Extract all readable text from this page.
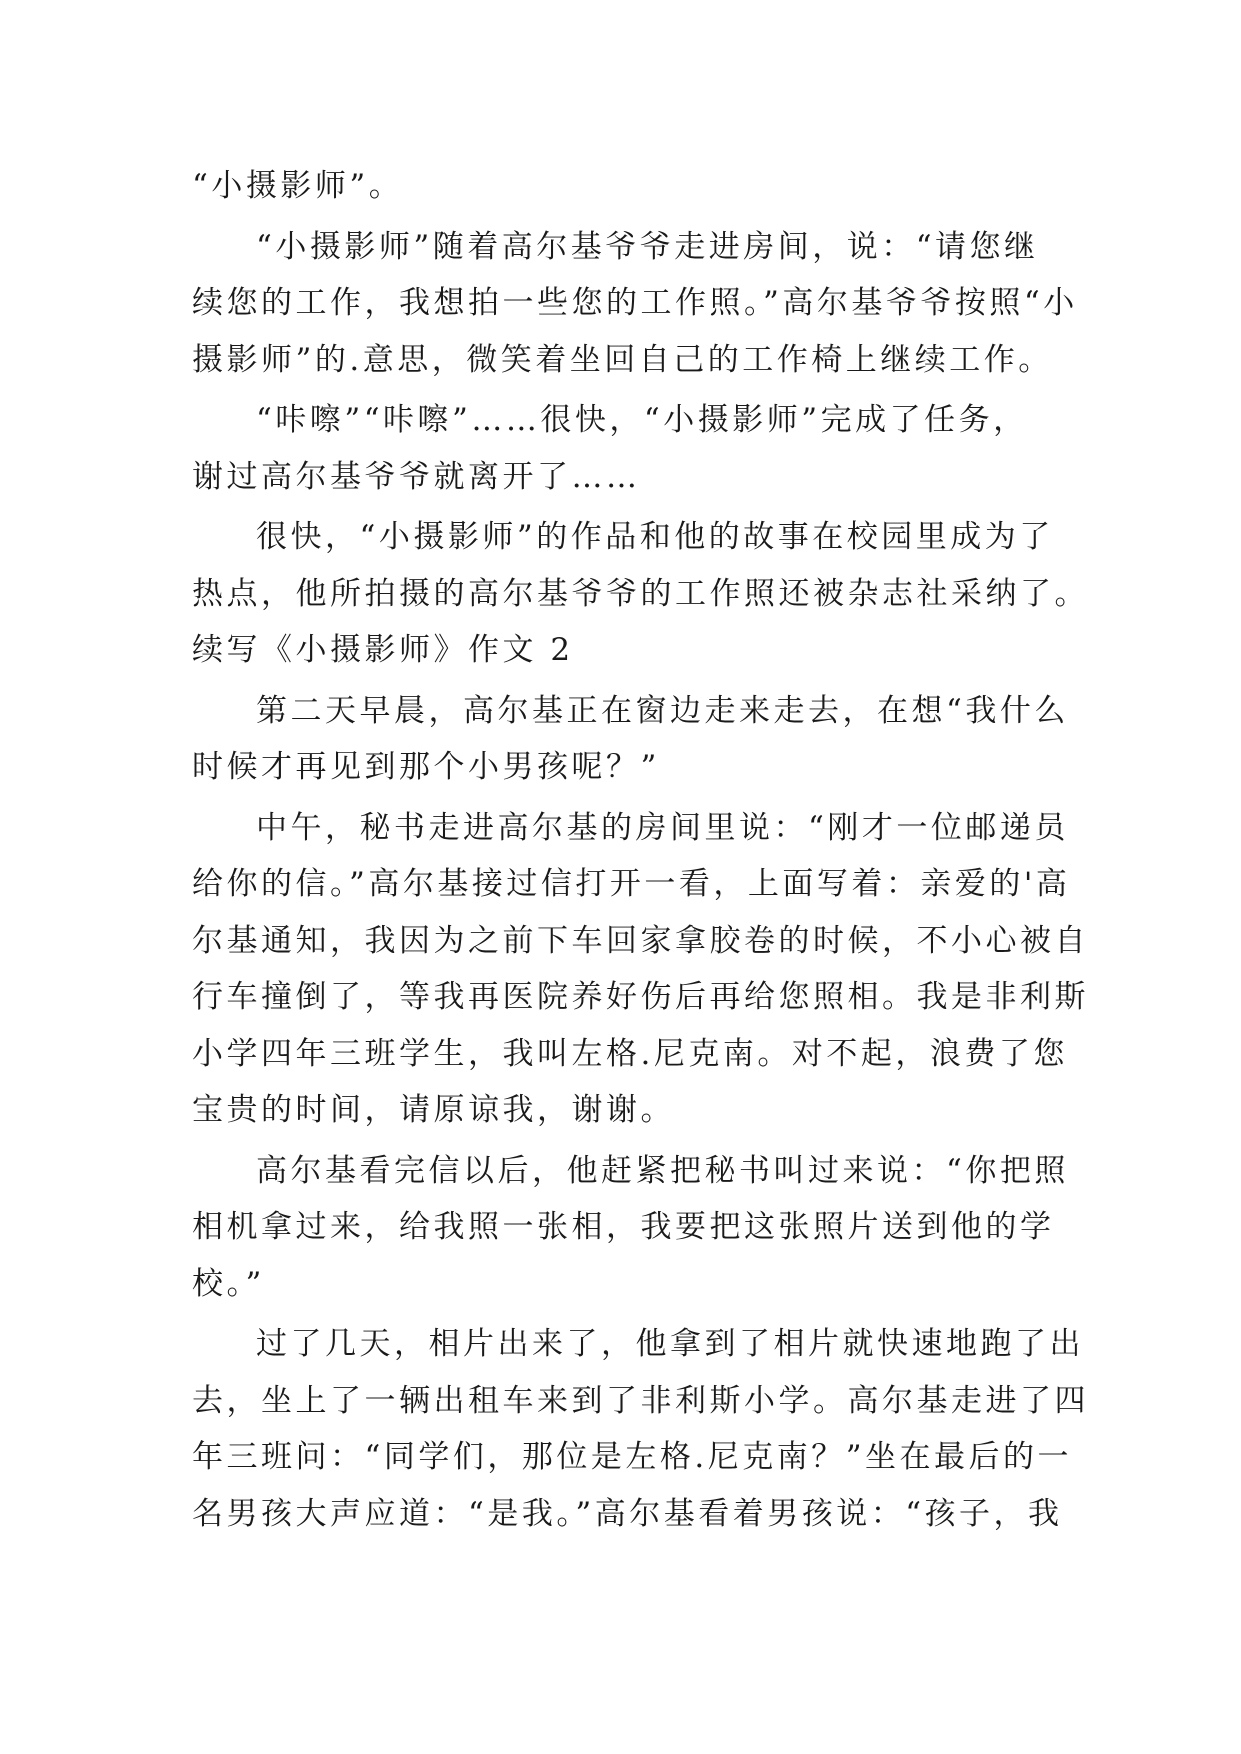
“小摄影师”。
“小摄影师”随着高尔基爷爷走进房间，说：“请您继
续您的工作，我想拍一些您的工作照。”高尔基爷爷按照“小
摄影师”的.意思，微笑着坐回自己的工作椅上继续工作。
“咔嚓”“咔嚓”……很快，“小摄影师”完成了任务，
谢过高尔基爷爷就离开了……
很快，“小摄影师”的作品和他的故事在校园里成为了
热点，他所拍摄的高尔基爷爷的工作照还被杂志社采纳了。
续写《小摄影师》作文 2
第二天早晨，高尔基正在窗边走来走去，在想“我什么
时候才再见到那个小男孩呢？”
中午，秘书走进高尔基的房间里说：“刚才一位邮递员
给你的信。”高尔基接过信打开一看，上面写着：亲爱的'高
尔基通知，我因为之前下车回家拿胶卷的时候，不小心被自
行车撞倒了，等我再医院养好伤后再给您照相。我是非利斯
小学四年三班学生，我叫左格.尼克南。对不起，浪费了您
宝贵的时间，请原谅我，谢谢。
高尔基看完信以后，他赶紧把秘书叫过来说：“你把照
相机拿过来，给我照一张相，我要把这张照片送到他的学
校。”
过了几天，相片出来了，他拿到了相片就快速地跑了出
去，坐上了一辆出租车来到了非利斯小学。高尔基走进了四
年三班问：“同学们，那位是左格.尼克南？”坐在最后的一
名男孩大声应道：“是我。”高尔基看着男孩说：“孩子，我
